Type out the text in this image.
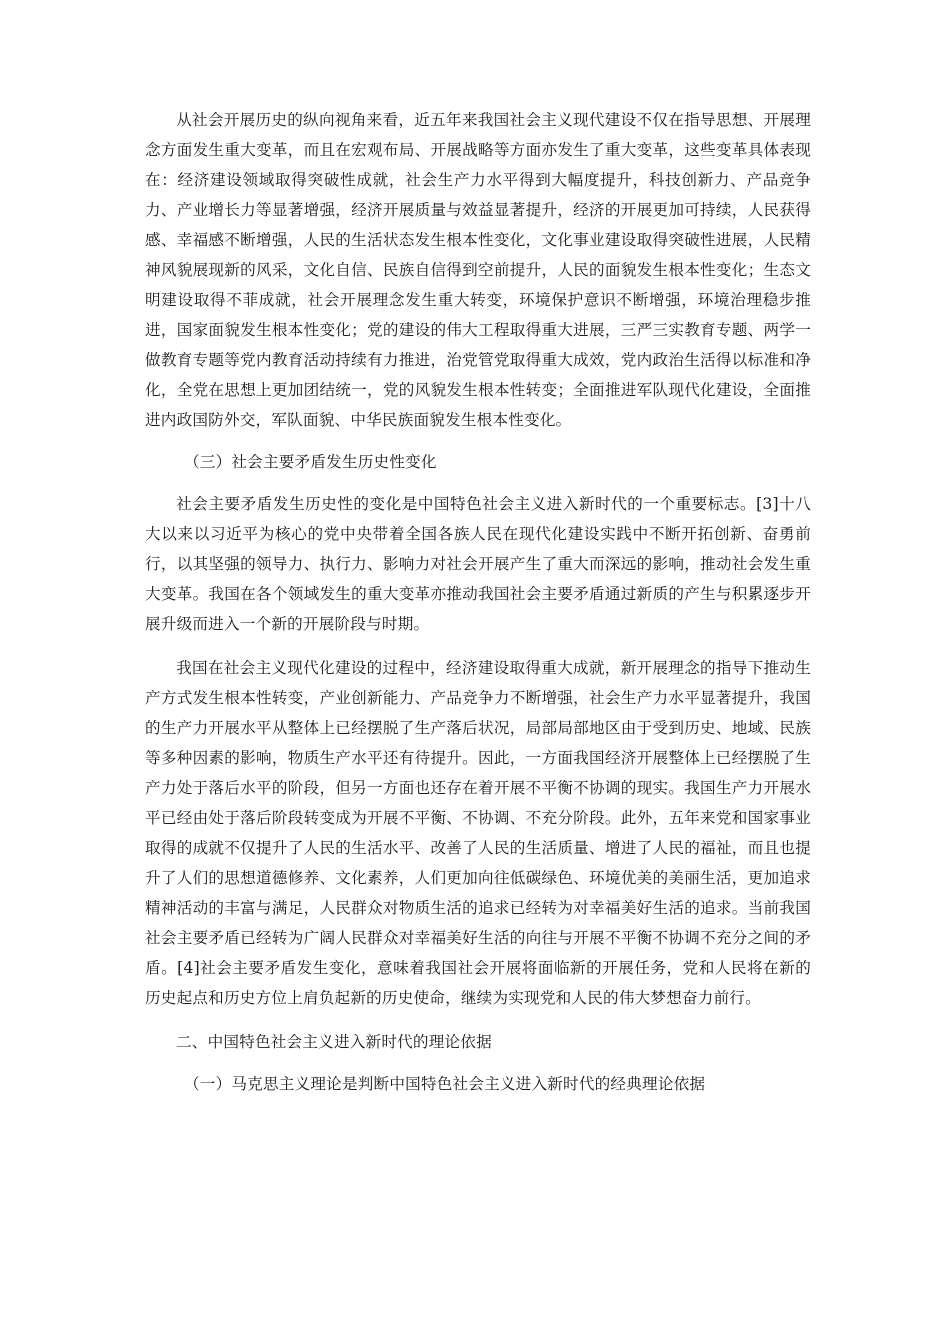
从社会开展历史的纵向视角来看，近五年来我国社会主义现代建设不仅在指导思想、开展理念方面发生重大变革，而且在宏观布局、开展战略等方面亦发生了重大变革，这些变革具体表现在：经济建设领域取得突破性成就，社会生产力水平得到大幅度提升，科技创新力、产品竞争力、产业增长力等显著增强，经济开展质量与效益显著提升，经济的开展更加可持续，人民获得感、幸福感不断增强，人民的生活状态发生根本性变化，文化事业建设取得突破性进展，人民精神风貌展现新的风采，文化自信、民族自信得到空前提升，人民的面貌发生根本性变化；生态文明建设取得不菲成就，社会开展理念发生重大转变，环境保护意识不断增强，环境治理稳步推进，国家面貌发生根本性变化；党的建设的伟大工程取得重大进展，三严三实教育专题、两学一做教育专题等党内教育活动持续有力推进，治党管党取得重大成效，党内政治生活得以标准和净化，全党在思想上更加团结统一，党的风貌发生根本性转变；全面推进军队现代化建设，全面推进内政国防外交，军队面貌、中华民族面貌发生根本性变化。

（三）社会主要矛盾发生历史性变化

社会主要矛盾发生历史性的变化是中国特色社会主义进入新时代的一个重要标志。[3]十八大以来以习近平为核心的党中央带着全国各族人民在现代化建设实践中不断开拓创新、奋勇前行，以其坚强的领导力、执行力、影响力对社会开展产生了重大而深远的影响，推动社会发生重大变革。我国在各个领域发生的重大变革亦推动我国社会主要矛盾通过新质的产生与积累逐步开展升级而进入一个新的开展阶段与时期。

我国在社会主义现代化建设的过程中，经济建设取得重大成就，新开展理念的指导下推动生产方式发生根本性转变，产业创新能力、产品竞争力不断增强，社会生产力水平显著提升，我国的生产力开展水平从整体上已经摆脱了生产落后状况，局部局部地区由于受到历史、地域、民族等多种因素的影响，物质生产水平还有待提升。因此，一方面我国经济开展整体上已经摆脱了生产力处于落后水平的阶段，但另一方面也还存在着开展不平衡不协调的现实。我国生产力开展水平已经由处于落后阶段转变成为开展不平衡、不协调、不充分阶段。此外，五年来党和国家事业取得的成就不仅提升了人民的生活水平、改善了人民的生活质量、增进了人民的福祉，而且也提升了人们的思想道德修养、文化素养，人们更加向往低碳绿色、环境优美的美丽生活，更加追求精神活动的丰富与满足，人民群众对物质生活的追求已经转为对幸福美好生活的追求。当前我国社会主要矛盾已经转为广阔人民群众对幸福美好生活的向往与开展不平衡不协调不充分之间的矛盾。[4]社会主要矛盾发生变化，意味着我国社会开展将面临新的开展任务，党和人民将在新的历史起点和历史方位上肩负起新的历史使命，继续为实现党和人民的伟大梦想奋力前行。

二、中国特色社会主义进入新时代的理论依据

（一）马克思主义理论是判断中国特色社会主义进入新时代的经典理论依据
